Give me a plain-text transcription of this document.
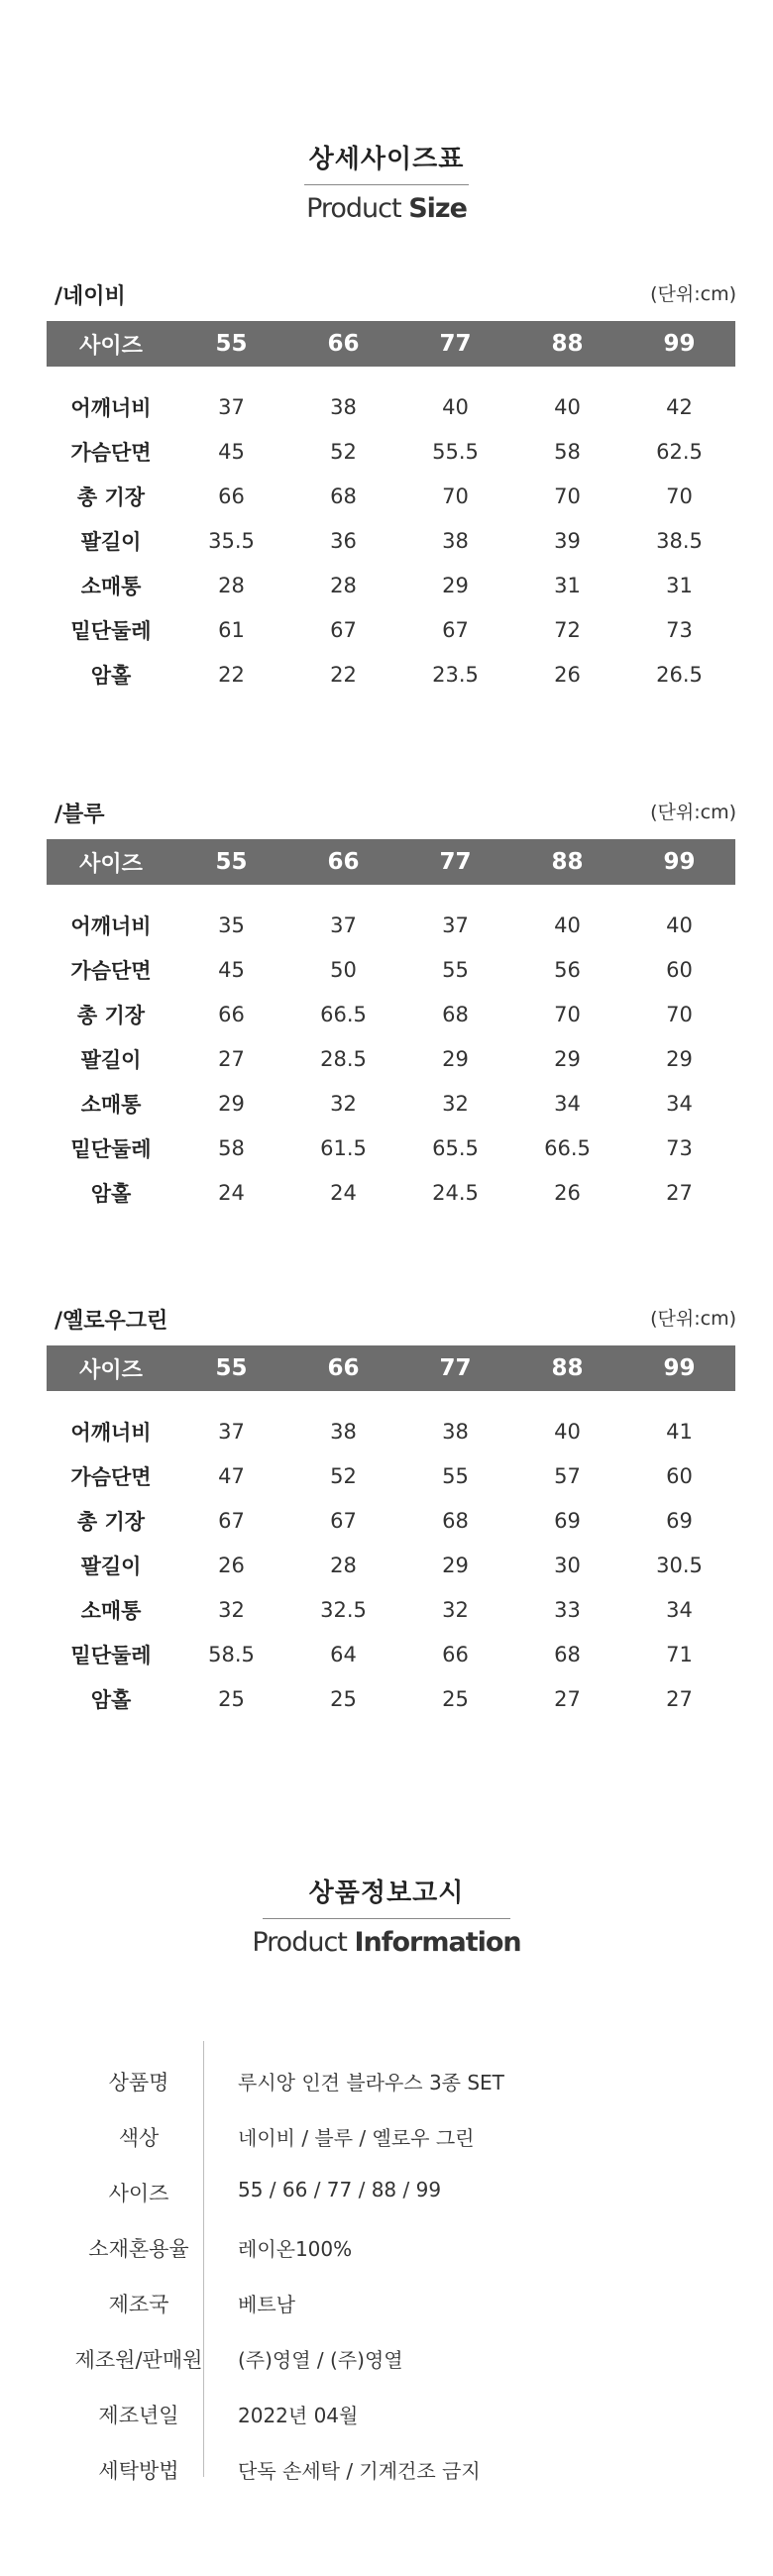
상세사이즈표
Product Size
/네이비	(단위:cm)
사이즈	55	66	77	88	99

어깨너비	37	38	40	40	42
가슴단면	45	52	55.5	58	62.5
총 기장	66	68	70	70	70
팔길이	35.5	36	38	39	38.5
소매통	28	28	29	31	31
밑단둘레	61	67	67	72	73
암홀	22	22	23.5	26	26.5
/블루	(단위:cm)
사이즈	55	66	77	88	99

어깨너비	35	37	37	40	40
가슴단면	45	50	55	56	60
총 기장	66	66.5	68	70	70
팔길이	27	28.5	29	29	29
소매통	29	32	32	34	34
밑단둘레	58	61.5	65.5	66.5	73
암홀	24	24	24.5	26	27
/옐로우그린	(단위:cm)
사이즈	55	66	77	88	99

어깨너비	37	38	38	40	41
가슴단면	47	52	55	57	60
총 기장	67	67	68	69	69
팔길이	26	28	29	30	30.5
소매통	32	32.5	32	33	34
밑단둘레	58.5	64	66	68	71
암홀	25	25	25	27	27
상품정보고시
Product Information
상품명	루시앙 인견 블라우스 3종 SET
색상	네이비 / 블루 / 옐로우 그린
사이즈	55 / 66 / 77 / 88 / 99
소재혼용율	레이온100%
제조국	베트남
제조원/판매원	(주)영열 / (주)영열
제조년일	2022년 04월
세탁방법	단독 손세탁 / 기계건조 금지
